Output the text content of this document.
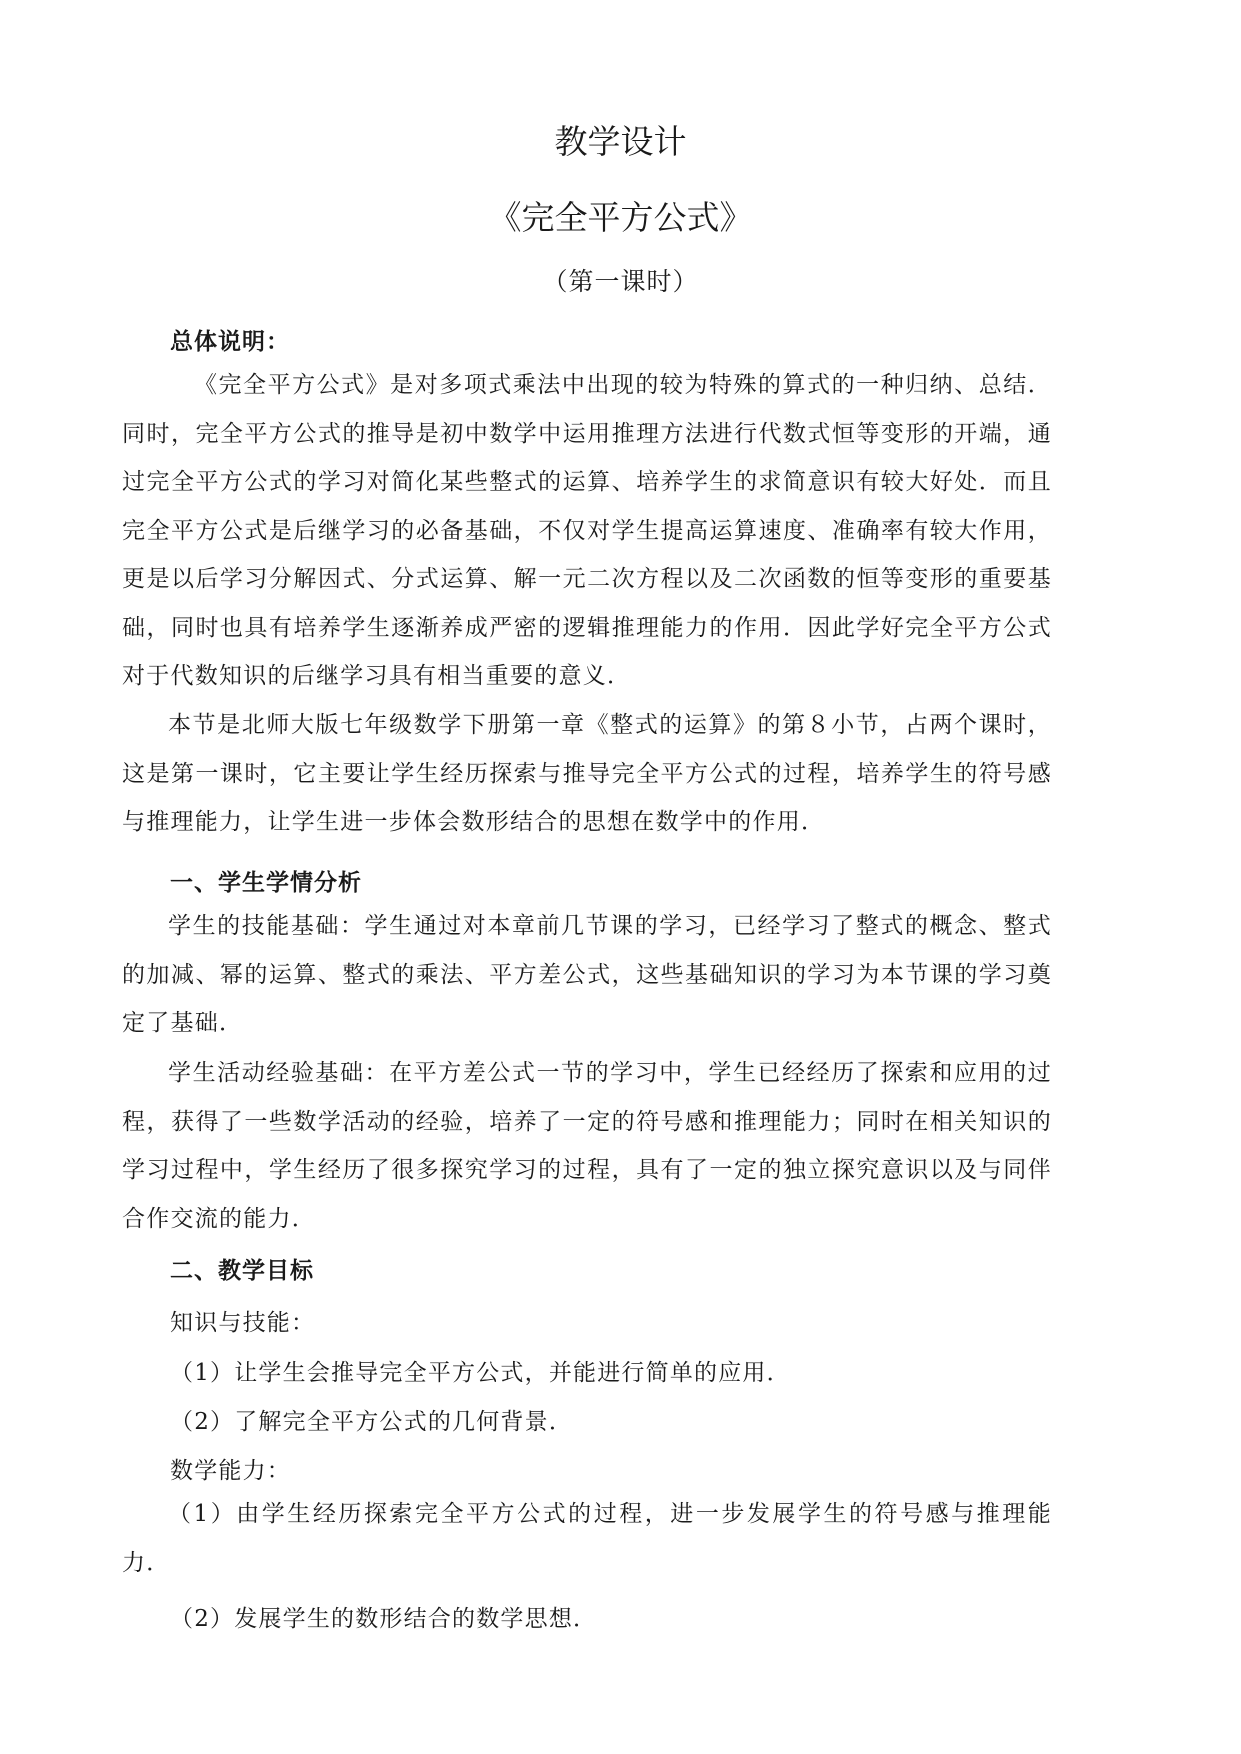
教学设计
《完全平方公式》
（第一课时）
总体说明：

《完全平方公式》是对多项式乘法中出现的较为特殊的算式的一种归纳、总结．同时，完全平方公式的推导是初中数学中运用推理方法进行代数式恒等变形的开端，通过完全平方公式的学习对简化某些整式的运算、培养学生的求简意识有较大好处．而且完全平方公式是后继学习的必备基础，不仅对学生提高运算速度、准确率有较大作用，更是以后学习分解因式、分式运算、解一元二次方程以及二次函数的恒等变形的重要基础，同时也具有培养学生逐渐养成严密的逻辑推理能力的作用．因此学好完全平方公式对于代数知识的后继学习具有相当重要的意义．

本节是北师大版七年级数学下册第一章《整式的运算》的第８小节，占两个课时，这是第一课时，它主要让学生经历探索与推导完全平方公式的过程，培养学生的符号感与推理能力，让学生进一步体会数形结合的思想在数学中的作用．

一、学生学情分析

学生的技能基础：学生通过对本章前几节课的学习，已经学习了整式的概念、整式的加减、幂的运算、整式的乘法、平方差公式，这些基础知识的学习为本节课的学习奠定了基础．

学生活动经验基础：在平方差公式一节的学习中，学生已经经历了探索和应用的过程，获得了一些数学活动的经验，培养了一定的符号感和推理能力；同时在相关知识的学习过程中，学生经历了很多探究学习的过程，具有了一定的独立探究意识以及与同伴合作交流的能力．

二、教学目标
知识与技能：
（1）让学生会推导完全平方公式，并能进行简单的应用．
（2）了解完全平方公式的几何背景．
数学能力：

（1）由学生经历探索完全平方公式的过程，进一步发展学生的符号感与推理能力．

（2）发展学生的数形结合的数学思想．
